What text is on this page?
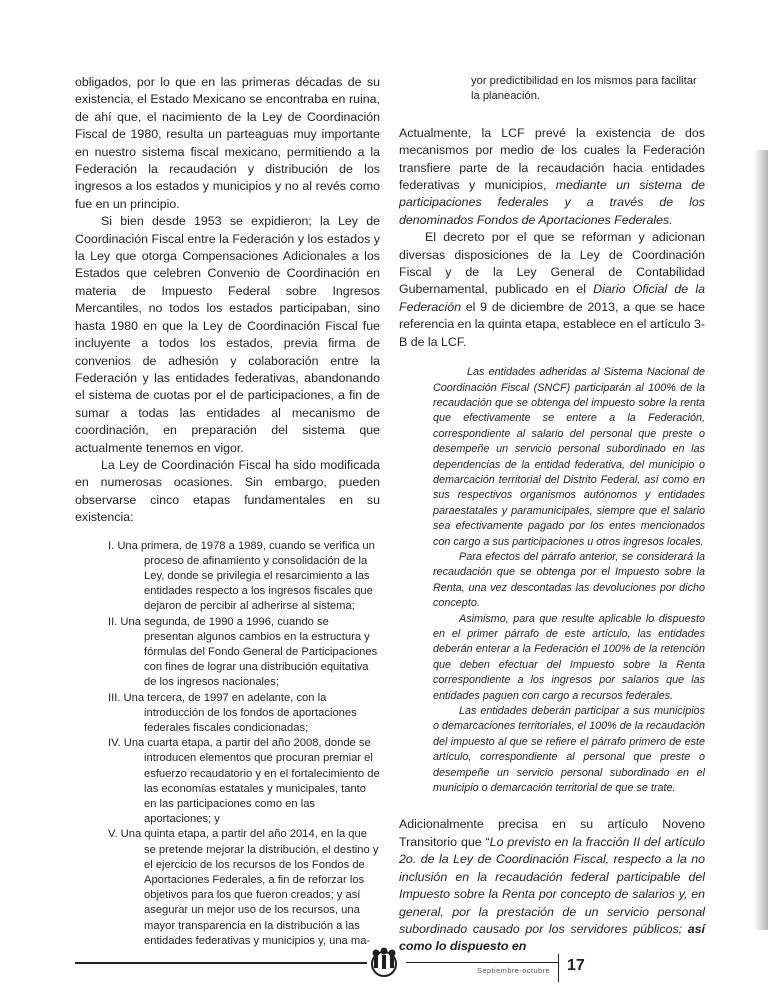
obligados, por lo que en las primeras décadas de su existencia, el Estado Mexicano se encontraba en ruina, de ahí que, el nacimiento de la Ley de Coordinación Fiscal de 1980, resulta un parteaguas muy importante en nuestro sistema fiscal mexicano, permitiendo a la Federación la recaudación y distribución de los ingresos a los estados y municipios y no al revés como fue en un principio.

Si bien desde 1953 se expidieron; la Ley de Coordinación Fiscal entre la Federación y los estados y la Ley que otorga Compensaciones Adicionales a los Estados que celebren Convenio de Coordinación en materia de Impuesto Federal sobre Ingresos Mercantiles, no todos los estados participaban, sino hasta 1980 en que la Ley de Coordinación Fiscal fue incluyente a todos los estados, previa firma de convenios de adhesión y colaboración entre la Federación y las entidades federativas, abandonando el sistema de cuotas por el de participaciones, a fin de sumar a todas las entidades al mecanismo de coordinación, en preparación del sistema que actualmente tenemos en vigor.

La Ley de Coordinación Fiscal ha sido modificada en numerosas ocasiones. Sin embargo, pueden observarse cinco etapas fundamentales en su existencia:

I. Una primera, de 1978 a 1989, cuando se verifica un proceso de afinamiento y consolidación de la Ley, donde se privilegia el resarcimiento a las entidades respecto a los ingresos fiscales que dejaron de percibir al adherirse al sistema;

II. Una segunda, de 1990 a 1996, cuando se presentan algunos cambios en la estructura y fórmulas del Fondo General de Participaciones con fines de lograr una distribución equitativa de los ingresos nacionales;

III. Una tercera, de 1997 en adelante, con la introducción de los fondos de aportaciones federales fiscales condicionadas;

IV. Una cuarta etapa, a partir del año 2008, donde se introducen elementos que procuran premiar el esfuerzo recaudatorio y en el fortalecimiento de las economías estatales y municipales, tanto en las participaciones como en las aportaciones; y

V. Una quinta etapa, a partir del año 2014, en la que se pretende mejorar la distribución, el destino y el ejercicio de los recursos de los Fondos de Aportaciones Federales, a fin de reforzar los objetivos para los que fueron creados; y así asegurar un mejor uso de los recursos, una mayor transparencia en la distribución a las entidades federativas y municipios y, una ma-

yor predictibilidad en los mismos para facilitar la planeación.

Actualmente, la LCF prevé la existencia de dos mecanismos por medio de los cuales la Federación transfiere parte de la recaudación hacia entidades federativas y municipios, mediante un sistema de participaciones federales y a través de los denominados Fondos de Aportaciones Federales.

El decreto por el que se reforman y adicionan diversas disposiciones de la Ley de Coordinación Fiscal y de la Ley General de Contabilidad Gubernamental, publicado en el Diario Oficial de la Federación el 9 de diciembre de 2013, a que se hace referencia en la quinta etapa, establece en el artículo 3-B de la LCF.

Las entidades adheridas al Sistema Nacional de Coordinación Fiscal (SNCF) participarán al 100% de la recaudación que se obtenga del impuesto sobre la renta que efectivamente se entere a la Federación, correspondiente al salario del personal que preste o desempeñe un servicio personal subordinado en las dependencias de la entidad federativa, del municipio o demarcación territorial del Distrito Federal, así como en sus respectivos organismos autónomos y entidades paraestatales y paramunicipales, siempre que el salario sea efectivamente pagado por los entes mencionados con cargo a sus participaciones u otros ingresos locales.

Para efectos del párrafo anterior, se considerará la recaudación que se obtenga por el Impuesto sobre la Renta, una vez descontadas las devoluciones por dicho concepto.

Asimismo, para que resulte aplicable lo dispuesto en el primer párrafo de este artículo, las entidades deberán enterar a la Federación el 100% de la retención que deben efectuar del Impuesto sobre la Renta correspondiente a los ingresos por salarios que las entidades paguen con cargo a recursos federales.

Las entidades deberán participar a sus municipios o demarcaciones territoriales, el 100% de la recaudación del impuesto al que se refiere el párrafo primero de este artículo, correspondiente al personal que preste o desempeñe un servicio personal subordinado en el municipio o demarcación territorial de que se trate.

Adicionalmente precisa en su artículo Noveno Transitorio que “Lo previsto en la fracción II del artículo 2o. de la Ley de Coordinación Fiscal, respecto a la no inclusión en la recaudación federal participable del Impuesto sobre la Renta por concepto de salarios y, en general, por la prestación de un servicio personal subordinado causado por los servidores públicos; así como lo dispuesto en

Septiembre-octubre 17
